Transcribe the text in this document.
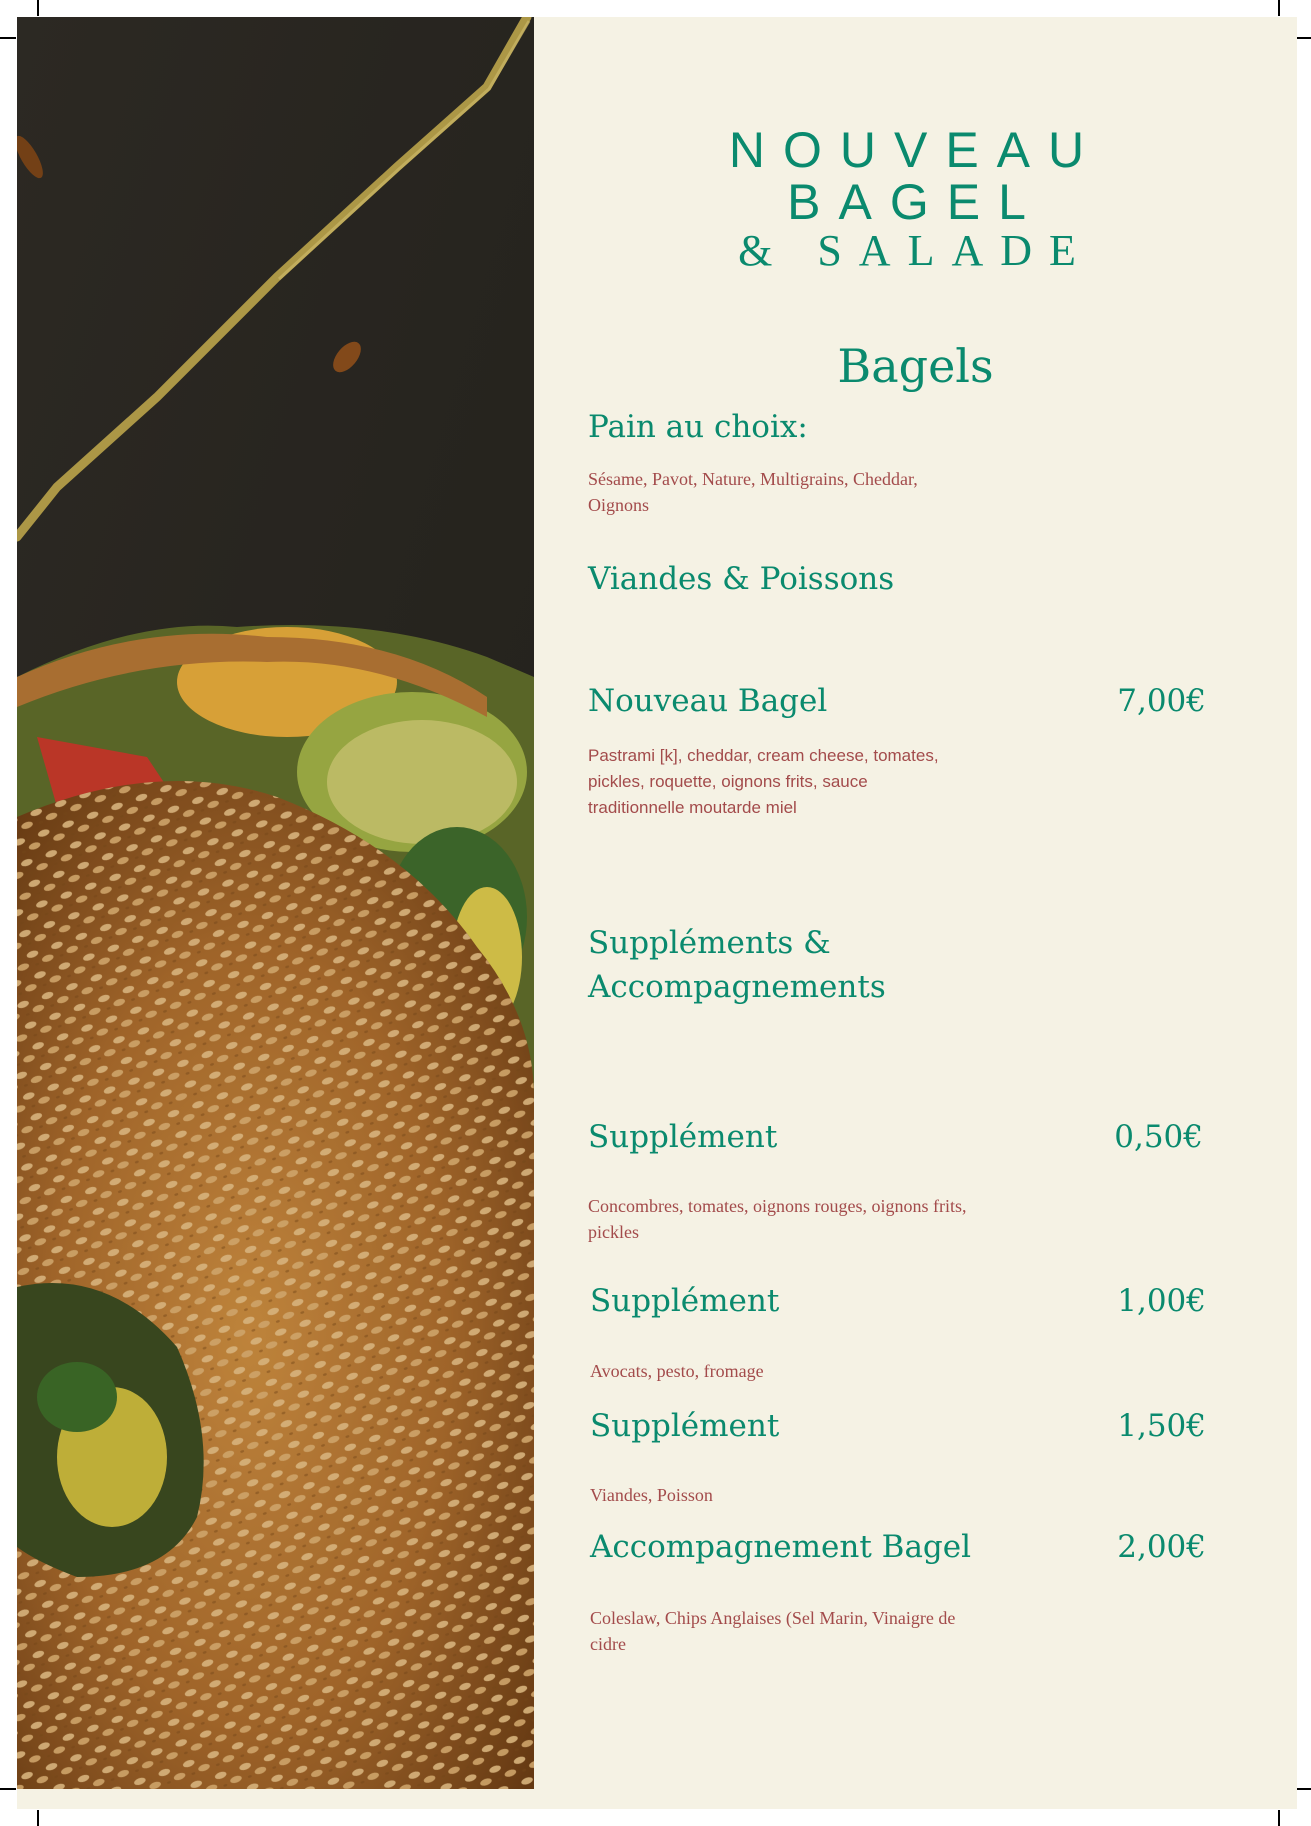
NOUVEAU
BAGEL
& SALADE
Bagels
Pain au choix:
Sésame, Pavot, Nature, Multigrains, Cheddar, Oignons
Viandes & Poissons
Nouveau Bagel	7,00€
Pastrami [k], cheddar, cream cheese, tomates, pickles, roquette, oignons frits, sauce traditionnelle moutarde miel
Suppléments & Accompagnements
Supplément	0,50€
Concombres, tomates, oignons rouges, oignons frits, pickles
Supplément	1,00€
Avocats, pesto, fromage
Supplément	1,50€
Viandes, Poisson
Accompagnement Bagel	2,00€
Coleslaw, Chips Anglaises (Sel Marin, Vinaigre de cidre
